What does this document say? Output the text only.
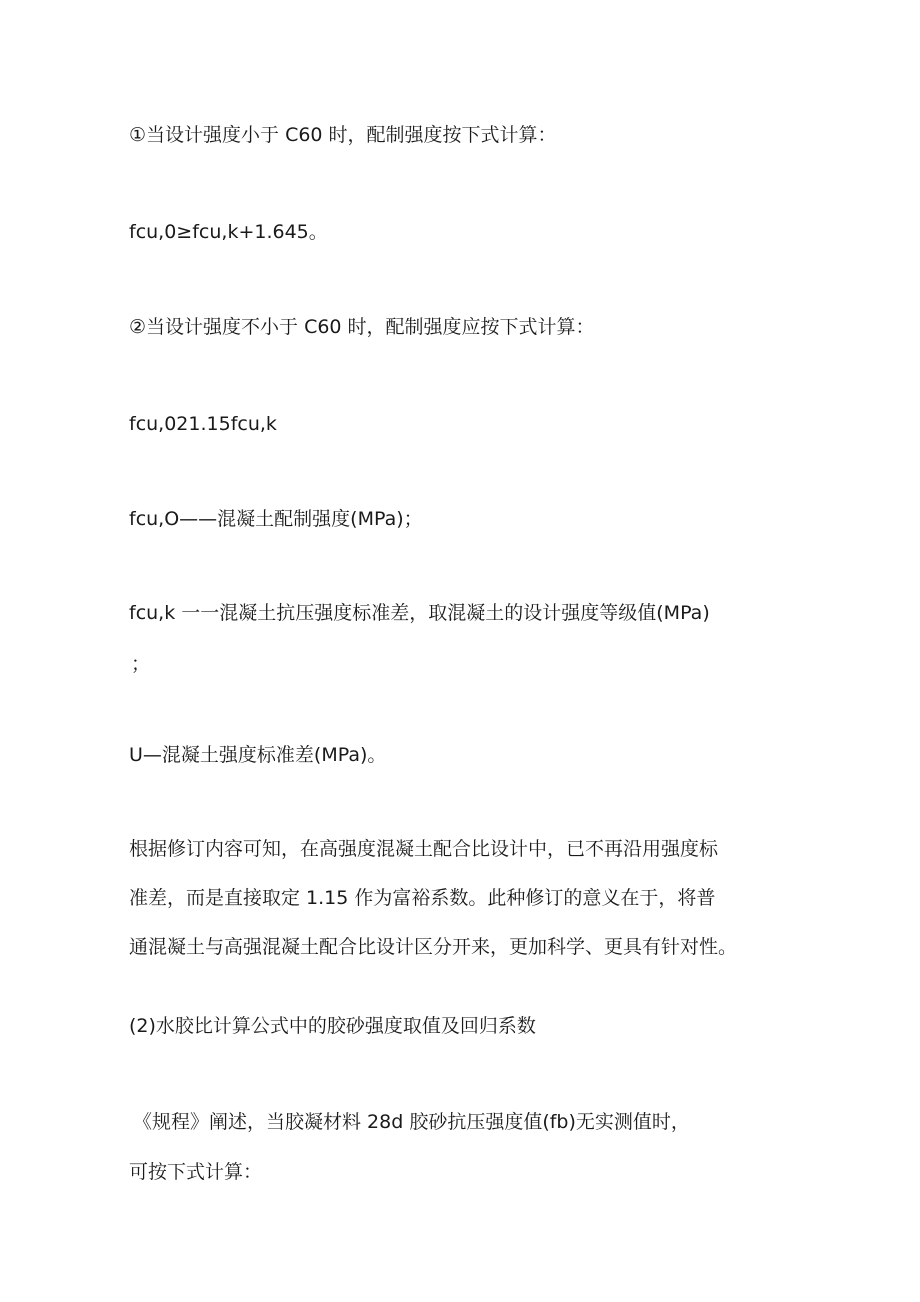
①当设计强度小于 C60 时，配制强度按下式计算：

fcu,0≥fcu,k+1.645。

②当设计强度不小于 C60 时，配制强度应按下式计算：

fcu,021.15fcu,k

fcu,O——混凝土配制强度(MPa)；

fcu,k 一一混凝土抗压强度标准差，取混凝土的设计强度等级值(MPa)

；

U—混凝土强度标准差(MPa)。

根据修订内容可知，在高强度混凝土配合比设计中，已不再沿用强度标

准差，而是直接取定 1.15 作为富裕系数。此种修订的意义在于，将普

通混凝土与高强混凝土配合比设计区分开来，更加科学、更具有针对性。

(2)水胶比计算公式中的胶砂强度取值及回归系数

《规程》阐述，当胶凝材料 28d 胶砂抗压强度值(fb)无实测值时，

可按下式计算：
